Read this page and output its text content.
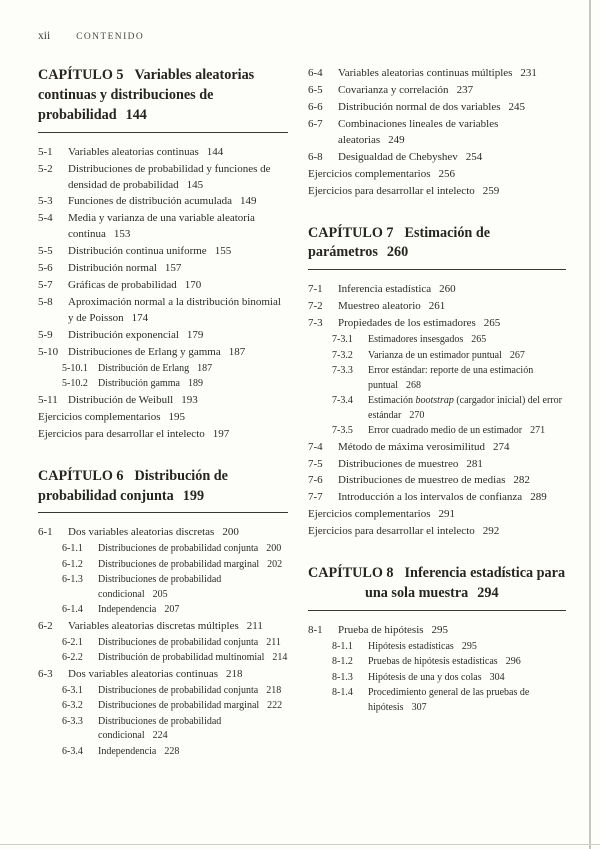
xii	CONTENIDO
CAPÍTULO 5 Variables aleatorias continuas y distribuciones de probabilidad 144
5-1	Variables aleatorias continuas 144
5-2	Distribuciones de probabilidad y funciones de densidad de probabilidad 145
5-3	Funciones de distribución acumulada 149
5-4	Media y varianza de una variable aleatoria continua 153
5-5	Distribución continua uniforme 155
5-6	Distribución normal 157
5-7	Gráficas de probabilidad 170
5-8	Aproximación normal a la distribución binomial y de Poisson 174
5-9	Distribución exponencial 179
5-10 Distribuciones de Erlang y gamma 187
5-10.1	Distribución de Erlang 187
5-10.2	Distribución gamma 189
5-11 Distribución de Weibull 193
Ejercicios complementarios 195
Ejercicios para desarrollar el intelecto 197
CAPÍTULO 6 Distribución de probabilidad conjunta 199
6-1	Dos variables aleatorias discretas 200
6-1.1	Distribuciones de probabilidad conjunta 200
6-1.2	Distribuciones de probabilidad marginal 202
6-1.3	Distribuciones de probabilidad condicional 205
6-1.4	Independencia 207
6-2	Variables aleatorias discretas múltiples 211
6-2.1	Distribuciones de probabilidad conjunta 211
6-2.2	Distribución de probabilidad multinomial 214
6-3	Dos variables aleatorias continuas 218
6-3.1	Distribuciones de probabilidad conjunta 218
6-3.2	Distribuciones de probabilidad marginal 222
6-3.3	Distribuciones de probabilidad condicional 224
6-3.4	Independencia 228
6-4	Variables aleatorias continuas múltiples 231
6-5	Covarianza y correlación 237
6-6	Distribución normal de dos variables 245
6-7	Combinaciones lineales de variables aleatorias 249
6-8	Desigualdad de Chebyshev 254
Ejercicios complementarios 256
Ejercicios para desarrollar el intelecto 259
CAPÍTULO 7 Estimación de parámetros 260
7-1	Inferencia estadística 260
7-2	Muestreo aleatorio 261
7-3	Propiedades de los estimadores 265
7-3.1	Estimadores insesgados 265
7-3.2	Varianza de un estimador puntual 267
7-3.3	Error estándar: reporte de una estimación puntual 268
7-3.4	Estimación bootstrap (cargador inicial) del error estándar 270
7-3.5	Error cuadrado medio de un estimador 271
7-4	Método de máxima verosimilitud 274
7-5	Distribuciones de muestreo 281
7-6	Distribuciones de muestreo de medias 282
7-7	Introducción a los intervalos de confianza 289
Ejercicios complementarios 291
Ejercicios para desarrollar el intelecto 292
CAPÍTULO 8 Inferencia estadística para una sola muestra 294
8-1	Prueba de hipótesis 295
8-1.1	Hipótesis estadísticas 295
8-1.2	Pruebas de hipótesis estadísticas 296
8-1.3	Hipótesis de una y dos colas 304
8-1.4	Procedimiento general de las pruebas de hipótesis 307
